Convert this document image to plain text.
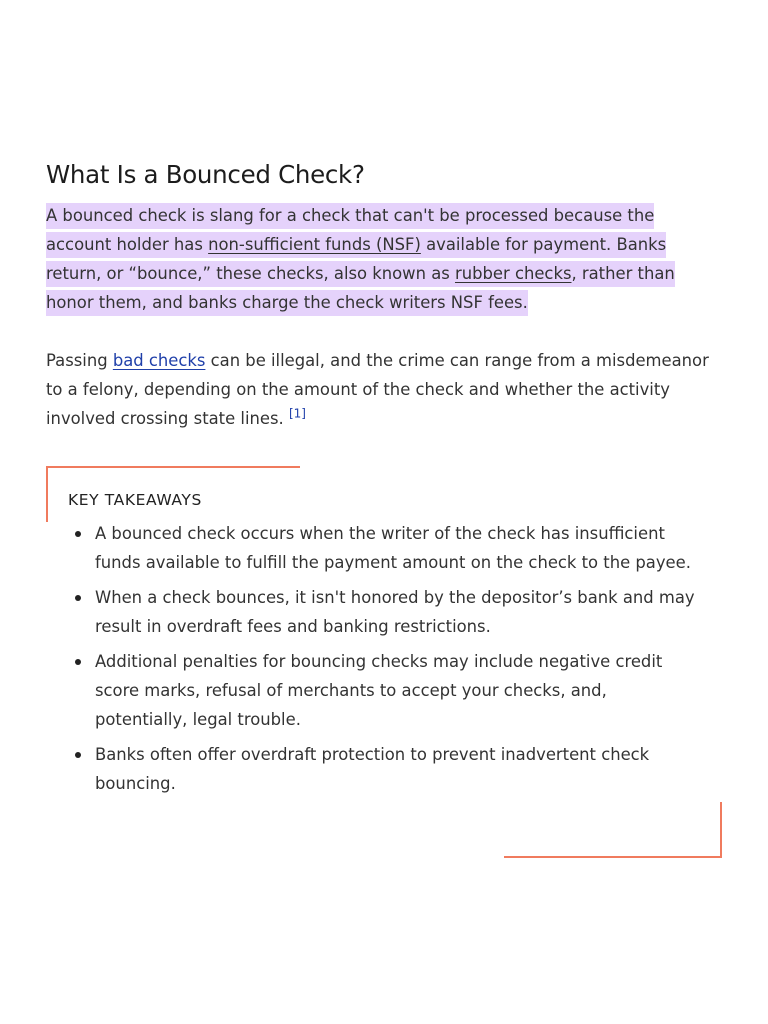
What Is a Bounced Check?

A bounced check is slang for a check that can't be processed because the account holder has non-sufficient funds (NSF) available for payment. Banks return, or “bounce,” these checks, also known as rubber checks, rather than honor them, and banks charge the check writers NSF fees.

Passing bad checks can be illegal, and the crime can range from a misdemeanor to a felony, depending on the amount of the check and whether the activity involved crossing state lines. [1]

KEY TAKEAWAYS
A bounced check occurs when the writer of the check has insufficient funds available to fulfill the payment amount on the check to the payee.
When a check bounces, it isn't honored by the depositor’s bank and may result in overdraft fees and banking restrictions.
Additional penalties for bouncing checks may include negative credit score marks, refusal of merchants to accept your checks, and, potentially, legal trouble.
Banks often offer overdraft protection to prevent inadvertent check bouncing.
